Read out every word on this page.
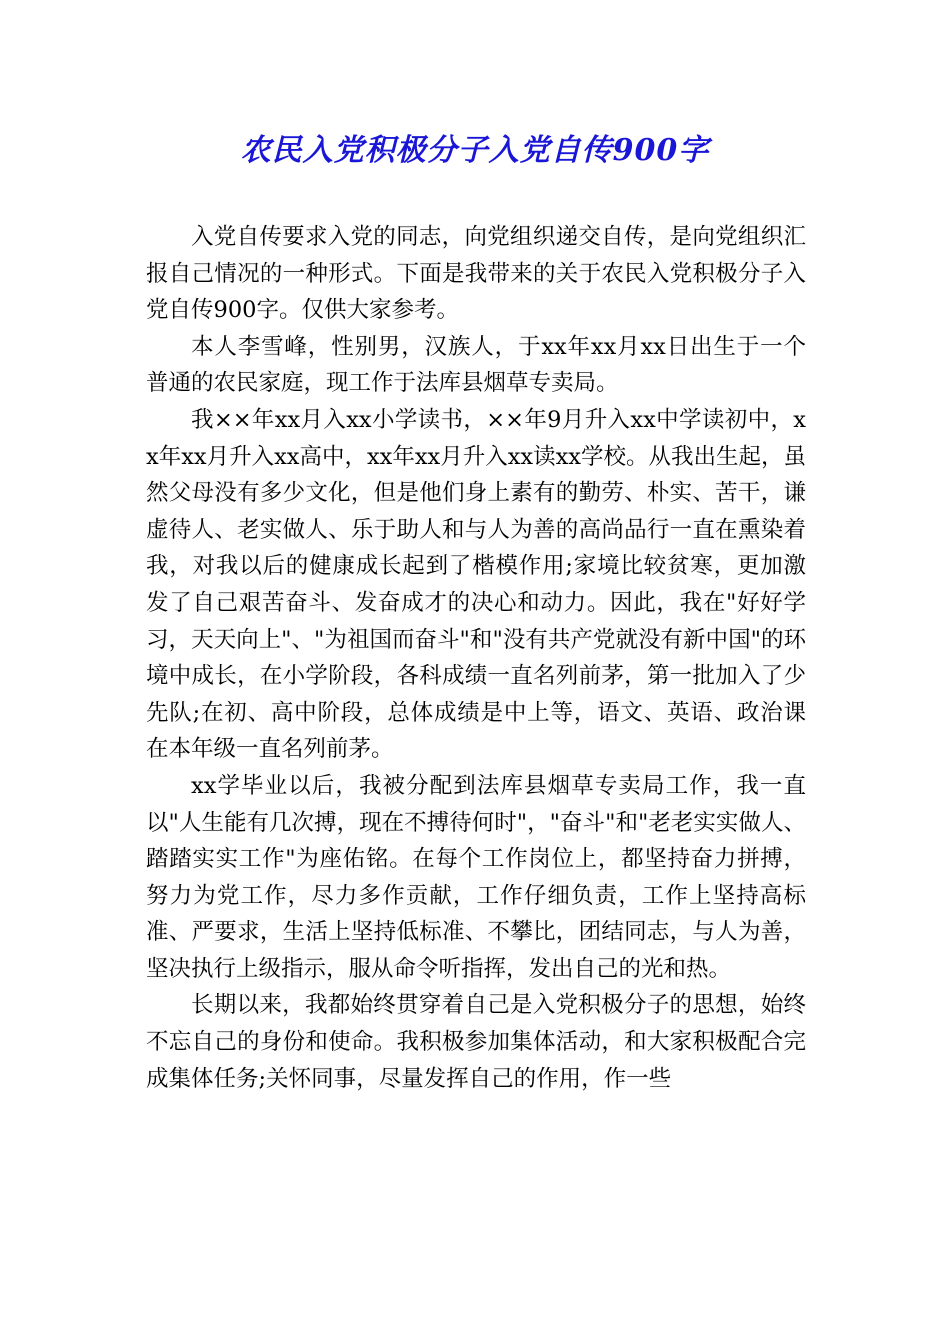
农民入党积极分子入党自传900字

入党自传要求入党的同志，向党组织递交自传，是向党组织汇报自己情况的一种形式。下面是我带来的关于农民入党积极分子入党自传900字。仅供大家参考。

本人李雪峰，性别男，汉族人，于xx年xx月xx日出生于一个普通的农民家庭，现工作于法库县烟草专卖局。

我××年xx月入xx小学读书，××年9月升入xx中学读初中，xx年xx月升入xx高中，xx年xx月升入xx读xx学校。从我出生起，虽然父母没有多少文化，但是他们身上素有的勤劳、朴实、苦干，谦虚待人、老实做人、乐于助人和与人为善的高尚品行一直在熏染着我，对我以后的健康成长起到了楷模作用;家境比较贫寒，更加激发了自己艰苦奋斗、发奋成才的决心和动力。因此，我在"好好学习，天天向上"、"为祖国而奋斗"和"没有共产党就没有新中国"的环境中成长，在小学阶段，各科成绩一直名列前茅，第一批加入了少先队;在初、高中阶段，总体成绩是中上等，语文、英语、政治课在本年级一直名列前茅。

xx学毕业以后，我被分配到法库县烟草专卖局工作，我一直以"人生能有几次搏，现在不搏待何时"，"奋斗"和"老老实实做人、踏踏实实工作"为座佑铭。在每个工作岗位上，都坚持奋力拼搏，努力为党工作，尽力多作贡献，工作仔细负责，工作上坚持高标准、严要求，生活上坚持低标准、不攀比，团结同志，与人为善，坚决执行上级指示，服从命令听指挥，发出自己的光和热。

长期以来，我都始终贯穿着自己是入党积极分子的思想，始终不忘自己的身份和使命。我积极参加集体活动，和大家积极配合完成集体任务;关怀同事，尽量发挥自己的作用，作一些
